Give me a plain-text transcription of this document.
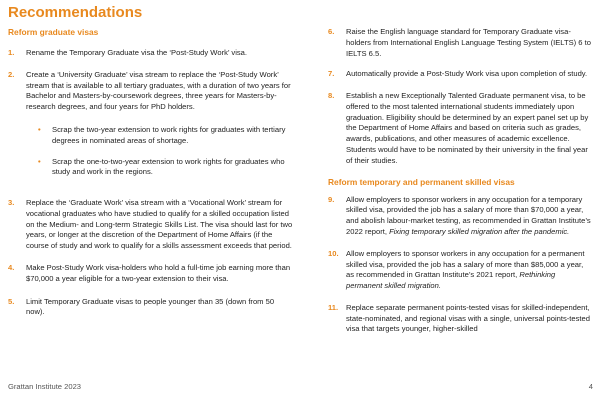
Recommendations
Reform graduate visas
1. Rename the Temporary Graduate visa the ‘Post-Study Work’ visa.
2. Create a ‘University Graduate’ visa stream to replace the ‘Post-Study Work’ stream that is available to all tertiary graduates, with a duration of two years for Bachelor and Masters-by-coursework degrees, three years for Masters-by-research degrees, and four years for PhD holders.
• Scrap the two-year extension to work rights for graduates with tertiary degrees in nominated areas of shortage.
• Scrap the one-to-two-year extension to work rights for graduates who study and work in the regions.
3. Replace the ‘Graduate Work’ visa stream with a ‘Vocational Work’ stream for vocational graduates who have studied to qualify for a skilled occupation listed on the Medium- and Long-term Strategic Skills List. The visa should last for two years, or longer at the discretion of the Department of Home Affairs (if the course of study and work to qualify for a skills assessment exceeds that period.
4. Make Post-Study Work visa-holders who hold a full-time job earning more than $70,000 a year eligible for a two-year extension to their visa.
5. Limit Temporary Graduate visas to people younger than 35 (down from 50 now).
6. Raise the English language standard for Temporary Graduate visa-holders from International English Language Testing System (IELTS) 6 to IELTS 6.5.
7. Automatically provide a Post-Study Work visa upon completion of study.
8. Establish a new Exceptionally Talented Graduate permanent visa, to be offered to the most talented international students immediately upon graduation. Eligibility should be determined by an expert panel set up by the Department of Home Affairs and based on criteria such as grades, awards, publications, and other measures of academic excellence. Students would have to be nominated by their university in the final year of their studies.
Reform temporary and permanent skilled visas
9. Allow employers to sponsor workers in any occupation for a temporary skilled visa, provided the job has a salary of more than $70,000 a year, and abolish labour-market testing, as recommended in Grattan Institute’s 2022 report, Fixing temporary skilled migration after the pandemic.
10. Allow employers to sponsor workers in any occupation for a permanent skilled visa, provided the job has a salary of more than $85,000 a year, as recommended in Grattan Institute’s 2021 report, Rethinking permanent skilled migration.
11. Replace separate permanent points-tested visas for skilled-independent, state-nominated, and regional visas with a single, universal points-tested visa that targets younger, higher-skilled
Grattan Institute 2023	4
